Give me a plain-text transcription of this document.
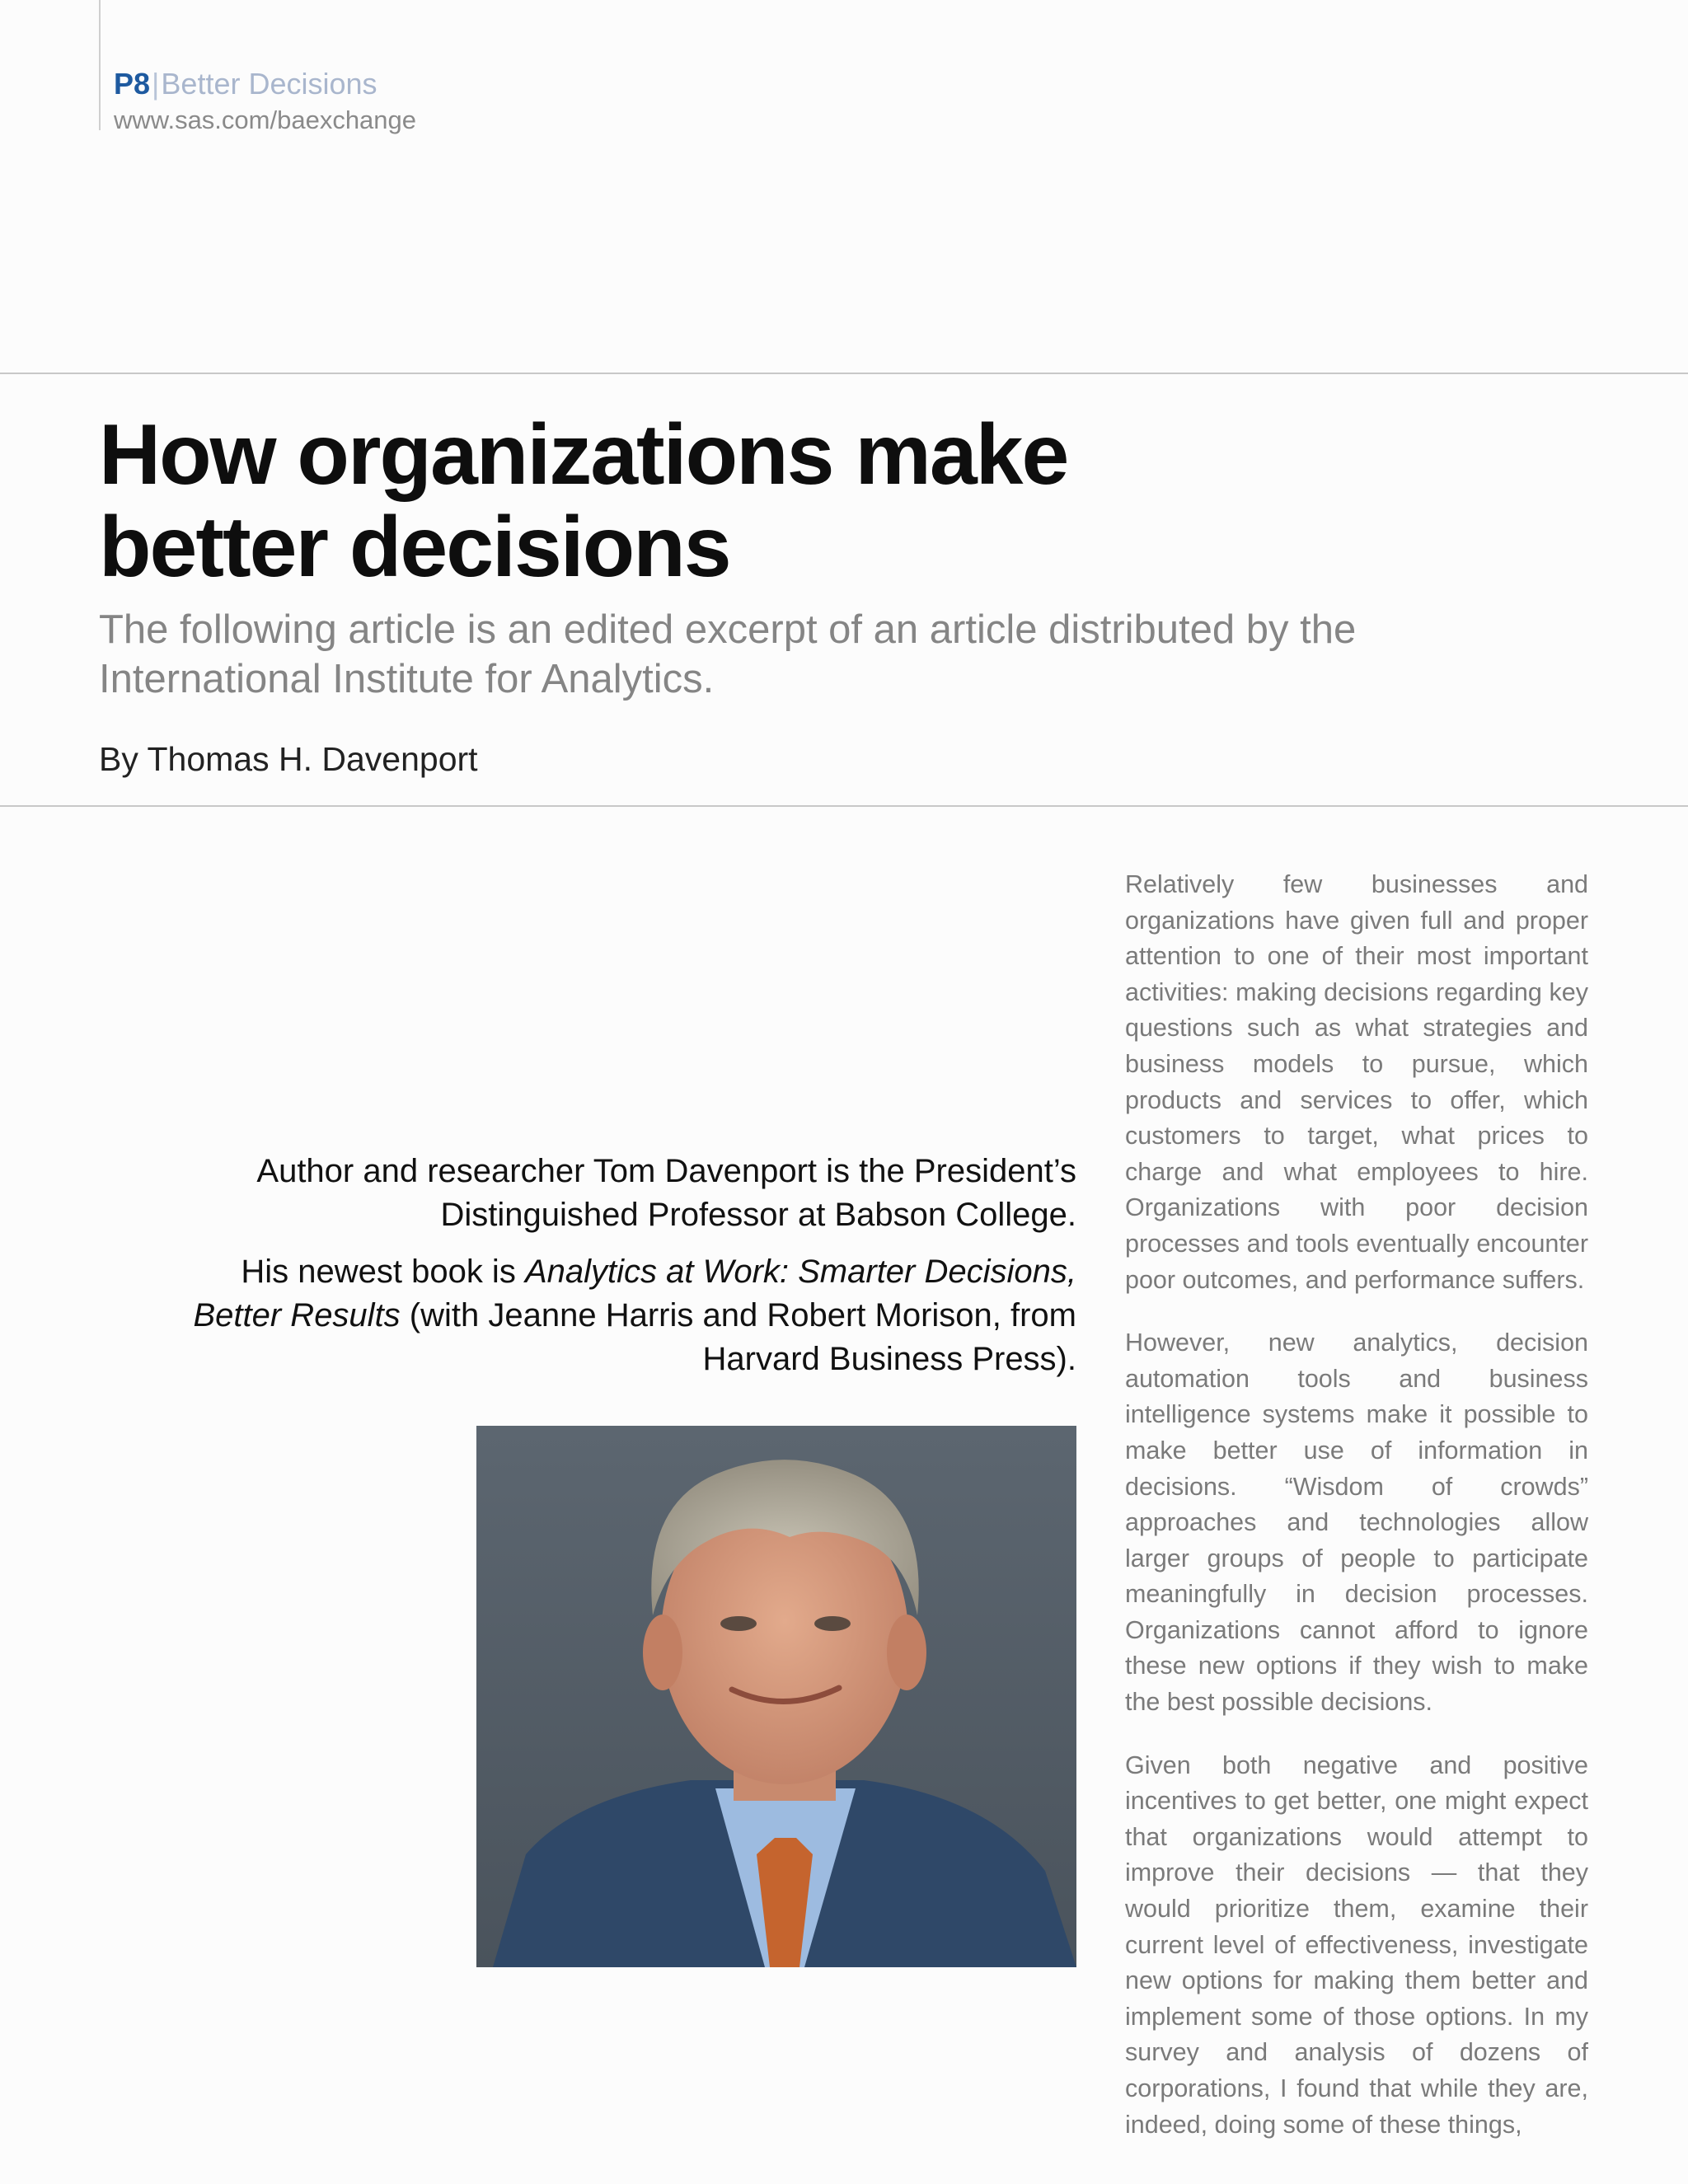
P8|Better Decisions
www.sas.com/baexchange
How organizations make
better decisions

The following article is an edited excerpt of an article distributed by the International Institute for Analytics.

By Thomas H. Davenport

Author and researcher Tom Davenport is the President’s Distinguished Professor at Babson College.

His newest book is Analytics at Work: Smarter Decisions, Better Results (with Jeanne Harris and Robert Morison, from Harvard Business Press).

Relatively few businesses and organizations have given full and proper attention to one of their most important activities: making decisions regarding key questions such as what strategies and business models to pursue, which products and services to offer, which customers to target, what prices to charge and what employees to hire. Organizations with poor decision processes and tools eventually encounter poor outcomes, and performance suffers.

However, new analytics, decision automation tools and business intelligence systems make it possible to make better use of information in decisions. “Wisdom of crowds” approaches and technologies allow larger groups of people to participate meaningfully in decision processes. Organizations cannot afford to ignore these new options if they wish to make the best possible decisions.

Given both negative and positive incentives to get better, one might expect that organizations would attempt to improve their decisions — that they would prioritize them, examine their current level of effectiveness, investigate new options for making them better and implement some of those options. In my survey and analysis of dozens of corporations, I found that while they are, indeed, doing some of these things,
